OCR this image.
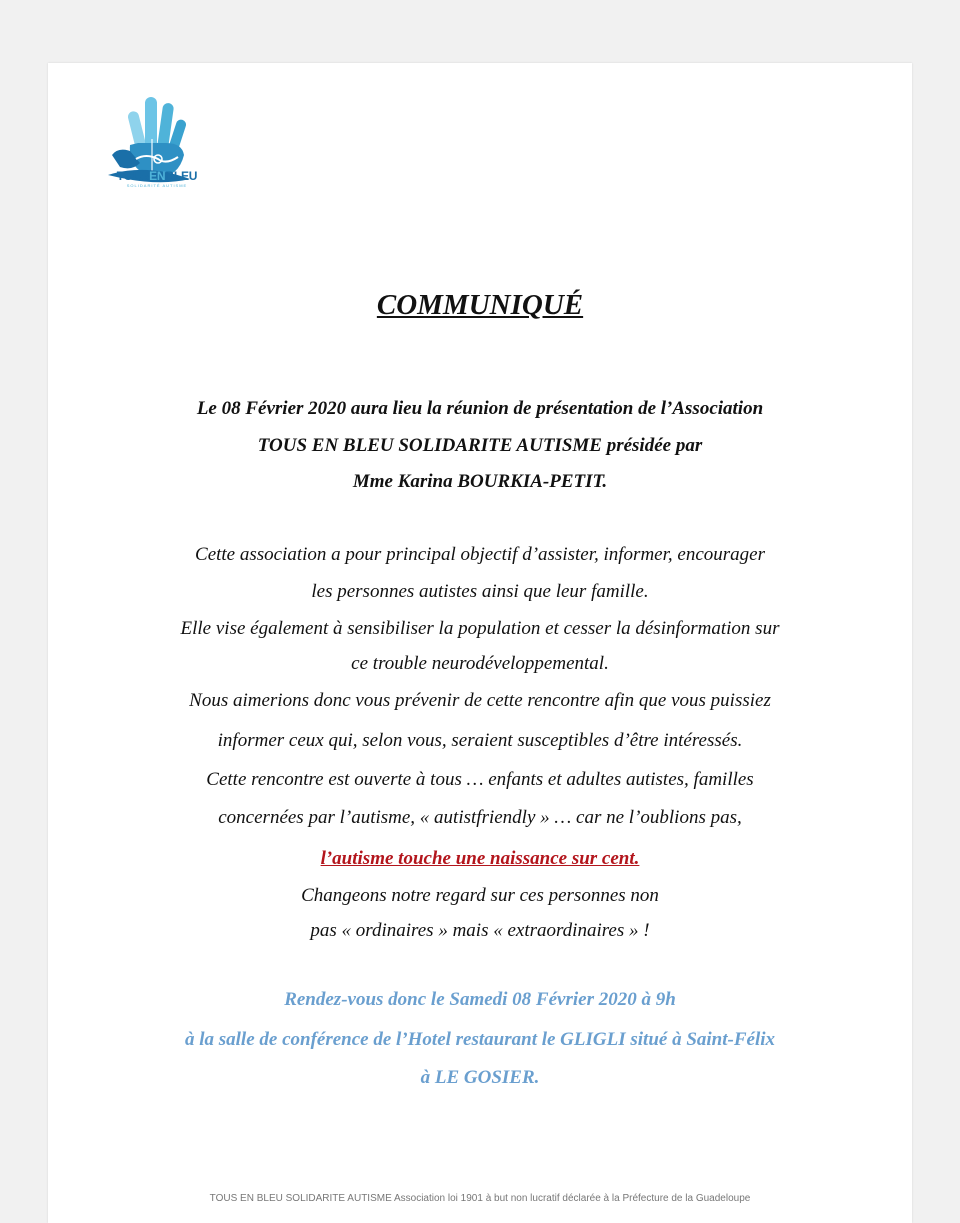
TOUSENBLEU
SOLIDARITÉ AUTISME
COMMUNIQUÉ
Le 08 Février 2020 aura lieu la réunion de présentation de l’Association
TOUS EN BLEU SOLIDARITE AUTISME présidée par
Mme Karina BOURKIA-PETIT.
Cette association a pour principal objectif d’assister, informer, encourager
les personnes autistes ainsi que leur famille.
Elle vise également à sensibiliser la population et cesser la désinformation sur
ce trouble neurodéveloppemental.
Nous aimerions donc vous prévenir de cette rencontre afin que vous puissiez
informer ceux qui, selon vous, seraient susceptibles d’être intéressés.
Cette rencontre est ouverte à tous … enfants et adultes autistes, familles
concernées par l’autisme, « autistfriendly » … car ne l’oublions pas,
l’autisme touche une naissance sur cent.
Changeons notre regard sur ces personnes non
pas « ordinaires » mais « extraordinaires » !
Rendez-vous donc le Samedi 08 Février 2020 à 9h
à la salle de conférence de l’Hotel restaurant le GLIGLI situé à Saint-Félix
à LE GOSIER.
TOUS EN BLEU SOLIDARITE AUTISME Association loi 1901 à but non lucratif déclarée à la Préfecture de la Guadeloupe
